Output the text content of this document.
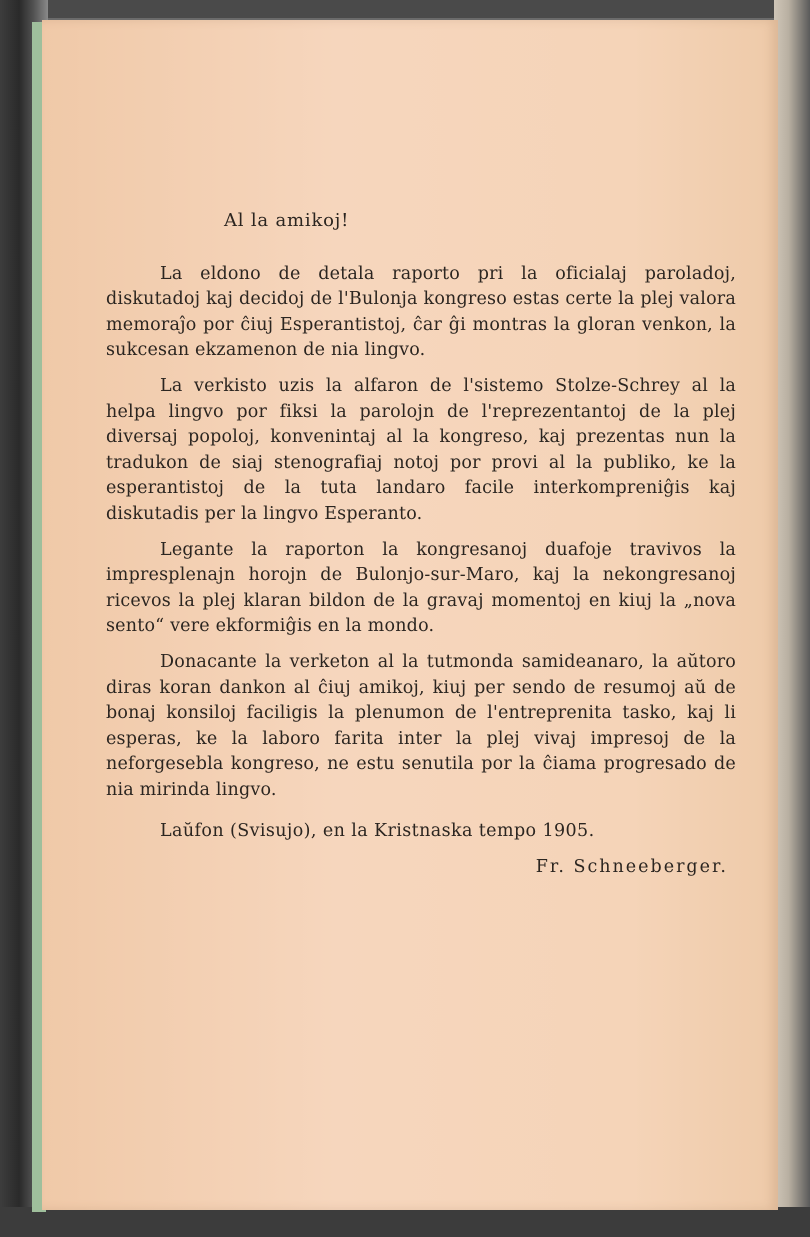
Al la amikoj!

La eldono de detala raporto pri la oficialaj paroladoj, diskutadoj kaj decidoj de l'Bulonja kongreso estas certe la plej valora memoraĵo por ĉiuj Esperantistoj, ĉar ĝi montras la gloran venkon, la sukcesan ekzamenon de nia lingvo.

La verkisto uzis la alfaron de l'sistemo Stolze-Schrey al la helpa lingvo por fiksi la parolojn de l'reprezentantoj de la plej diversaj popoloj, konvenintaj al la kongreso, kaj prezentas nun la tradukon de siaj stenografiaj notoj por provi al la publiko, ke la esperantistoj de la tuta landaro facile interkompreniĝis kaj diskutadis per la lingvo Esperanto.

Legante la raporton la kongresanoj duafoje travivos la impresplenajn horojn de Bulonjo-sur-Maro, kaj la nekongresanoj ricevos la plej klaran bildon de la gravaj momentoj en kiuj la „nova sento“ vere ekformiĝis en la mondo.

Donacante la verketon al la tutmonda samideanaro, la aŭtoro diras koran dankon al ĉiuj amikoj, kiuj per sendo de resumoj aŭ de bonaj konsiloj faciligis la plenumon de l'entreprenita tasko, kaj li esperas, ke la laboro farita inter la plej vivaj impresoj de la neforgesebla kongreso, ne estu senutila por la ĉiama progresado de nia mirinda lingvo.

Laŭfon (Svisujo), en la Kristnaska tempo 1905.

Fr. Schneeberger.
